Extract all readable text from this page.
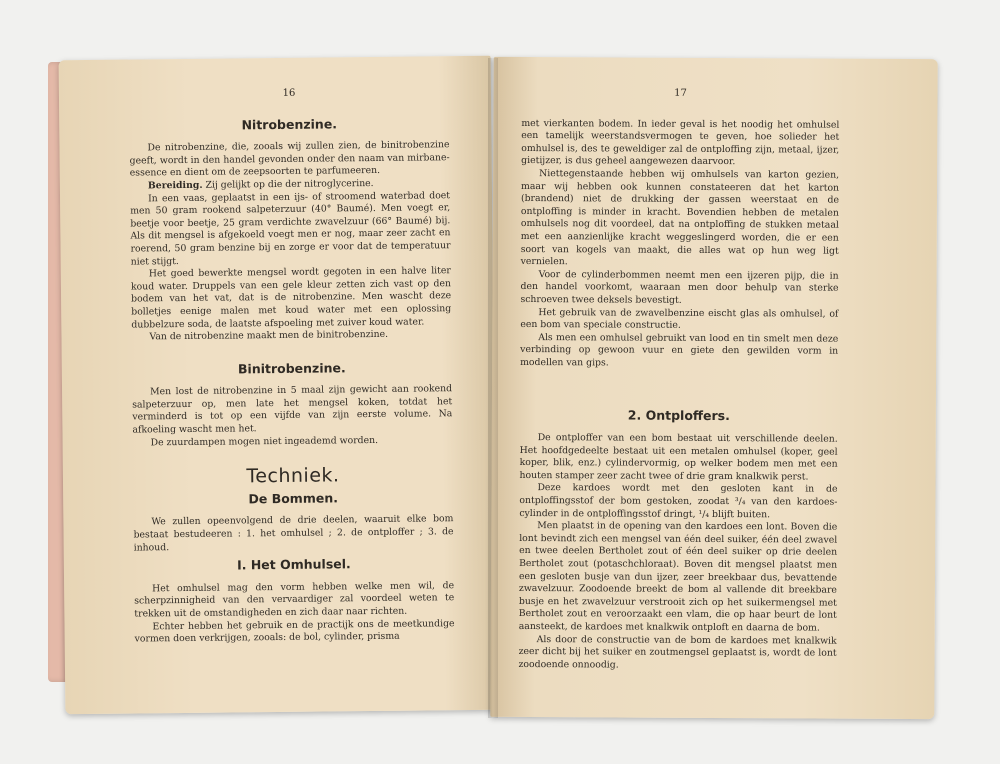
16
Nitrobenzine.

De nitrobenzine, die, zooals wij zullen zien, de binitrobenzine geeft, wordt in den handel gevonden onder den naam van mirbane-essence en dient om de zeepsoorten te parfumeeren.

Bereiding. Zij gelijkt op die der nitroglycerine.

In een vaas, geplaatst in een ijs- of stroomend waterbad doet men 50 gram rookend salpeterzuur (40° Baumé). Men voegt er, beetje voor beetje, 25 gram verdichte zwavelzuur (66° Baumé) bij. Als dit mengsel is afgekoeld voegt men er nog, maar zeer zacht en roerend, 50 gram benzine bij en zorge er voor dat de temperatuur niet stijgt.

Het goed bewerkte mengsel wordt gegoten in een halve liter koud water. Druppels van een gele kleur zetten zich vast op den bodem van het vat, dat is de nitrobenzine. Men wascht deze bolletjes eenige malen met koud water met een oplossing dubbelzure soda, de laatste afspoeling met zuiver koud water.

Van de nitrobenzine maakt men de binitrobenzine.

Binitrobenzine.

Men lost de nitrobenzine in 5 maal zijn gewicht aan rookend salpeterzuur op, men late het mengsel koken, totdat het verminderd is tot op een vijfde van zijn eerste volume. Na afkoeling wascht men het.

De zuurdampen mogen niet ingeademd worden.

Techniek.
De Bommen.

We zullen opeenvolgend de drie deelen, waaruit elke bom bestaat bestudeeren : 1. het omhulsel ; 2. de ontploffer ; 3. de inhoud.

I. Het Omhulsel.

Het omhulsel mag den vorm hebben welke men wil, de scherpzinnigheid van den vervaardiger zal voordeel weten te trekken uit de omstandigheden en zich daar naar richten.

Echter hebben het gebruik en de practijk ons de meetkundige vormen doen verkrijgen, zooals: de bol, cylinder, prisma

17

met vierkanten bodem. In ieder geval is het noodig het omhulsel een tamelijk weerstandsvermogen te geven, hoe solieder het omhulsel is, des te geweldiger zal de ontploffing zijn, metaal, ijzer, gietijzer, is dus geheel aangewezen daarvoor.

Niettegenstaande hebben wij omhulsels van karton gezien, maar wij hebben ook kunnen constateeren dat het karton (brandend) niet de drukking der gassen weerstaat en de ontploffing is minder in kracht. Bovendien hebben de metalen omhulsels nog dit voordeel, dat na ontploffing de stukken metaal met een aanzienlijke kracht weggeslingerd worden, die er een soort van kogels van maakt, die alles wat op hun weg ligt vernielen.

Voor de cylinderbommen neemt men een ijzeren pijp, die in den handel voorkomt, waaraan men door behulp van sterke schroeven twee deksels bevestigt.

Het gebruik van de zwavelbenzine eischt glas als omhulsel, of een bom van speciale constructie.

Als men een omhulsel gebruikt van lood en tin smelt men deze verbinding op gewoon vuur en giete den gewilden vorm in modellen van gips.

2. Ontploffers.

De ontploffer van een bom bestaat uit verschillende deelen. Het hoofdgedeelte bestaat uit een metalen omhulsel (koper, geel koper, blik, enz.) cylindervormig, op welker bodem men met een houten stamper zeer zacht twee of drie gram knalkwik perst.

Deze kardoes wordt met den gesloten kant in de ontploffingsstof der bom gestoken, zoodat ³/₄ van den kardoes-cylinder in de ontploffingsstof dringt, ¹/₄ blijft buiten.

Men plaatst in de opening van den kardoes een lont. Boven die lont bevindt zich een mengsel van één deel suiker, één deel zwavel en twee deelen Bertholet zout of één deel suiker op drie deelen Bertholet zout (potaschchloraat). Boven dit mengsel plaatst men een gesloten busje van dun ijzer, zeer breekbaar dus, bevattende zwavelzuur. Zoodoende breekt de bom al vallende dit breekbare busje en het zwavelzuur verstrooit zich op het suikermengsel met Bertholet zout en veroorzaakt een vlam, die op haar beurt de lont aansteekt, de kardoes met knalkwik ontploft en daarna de bom.

Als door de constructie van de bom de kardoes met knalkwik zeer dicht bij het suiker en zoutmengsel geplaatst is, wordt de lont zoodoende onnoodig.
